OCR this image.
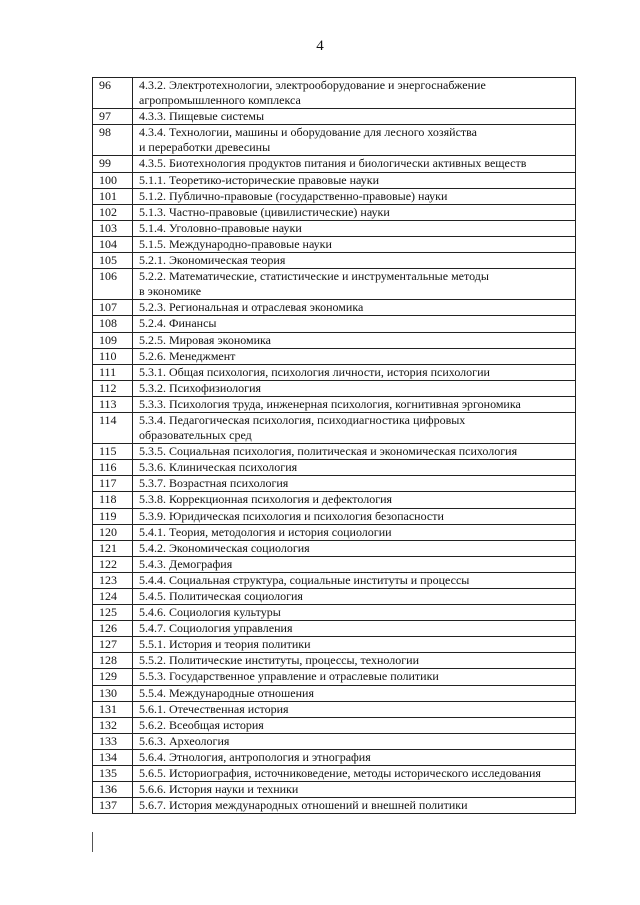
4
96	4.3.2. Электротехнологии, электрооборудование и энергоснабжение
агропромышленного комплекса
97	4.3.3. Пищевые системы
98	4.3.4. Технологии, машины и оборудование для лесного хозяйства
и переработки древесины
99	4.3.5. Биотехнология продуктов питания и биологически активных веществ
100	5.1.1. Теоретико-исторические правовые науки
101	5.1.2. Публично-правовые (государственно-правовые) науки
102	5.1.3. Частно-правовые (цивилистические) науки
103	5.1.4. Уголовно-правовые науки
104	5.1.5. Международно-правовые науки
105	5.2.1. Экономическая теория
106	5.2.2. Математические, статистические и инструментальные методы
в экономике
107	5.2.3. Региональная и отраслевая экономика
108	5.2.4. Финансы
109	5.2.5. Мировая экономика
110	5.2.6. Менеджмент
111	5.3.1. Общая психология, психология личности, история психологии
112	5.3.2. Психофизиология
113	5.3.3. Психология труда, инженерная психология, когнитивная эргономика
114	5.3.4. Педагогическая психология, психодиагностика цифровых
образовательных сред
115	5.3.5. Социальная психология, политическая и экономическая психология
116	5.3.6. Клиническая психология
117	5.3.7. Возрастная психология
118	5.3.8. Коррекционная психология и дефектология
119	5.3.9. Юридическая психология и психология безопасности
120	5.4.1. Теория, методология и история социологии
121	5.4.2. Экономическая социология
122	5.4.3. Демография
123	5.4.4. Социальная структура, социальные институты и процессы
124	5.4.5. Политическая социология
125	5.4.6. Социология культуры
126	5.4.7. Социология управления
127	5.5.1. История и теория политики
128	5.5.2. Политические институты, процессы, технологии
129	5.5.3. Государственное управление и отраслевые политики
130	5.5.4. Международные отношения
131	5.6.1. Отечественная история
132	5.6.2. Всеобщая история
133	5.6.3. Археология
134	5.6.4. Этнология, антропология и этнография
135	5.6.5. Историография, источниковедение, методы исторического исследования
136	5.6.6. История науки и техники
137	5.6.7. История международных отношений и внешней политики
